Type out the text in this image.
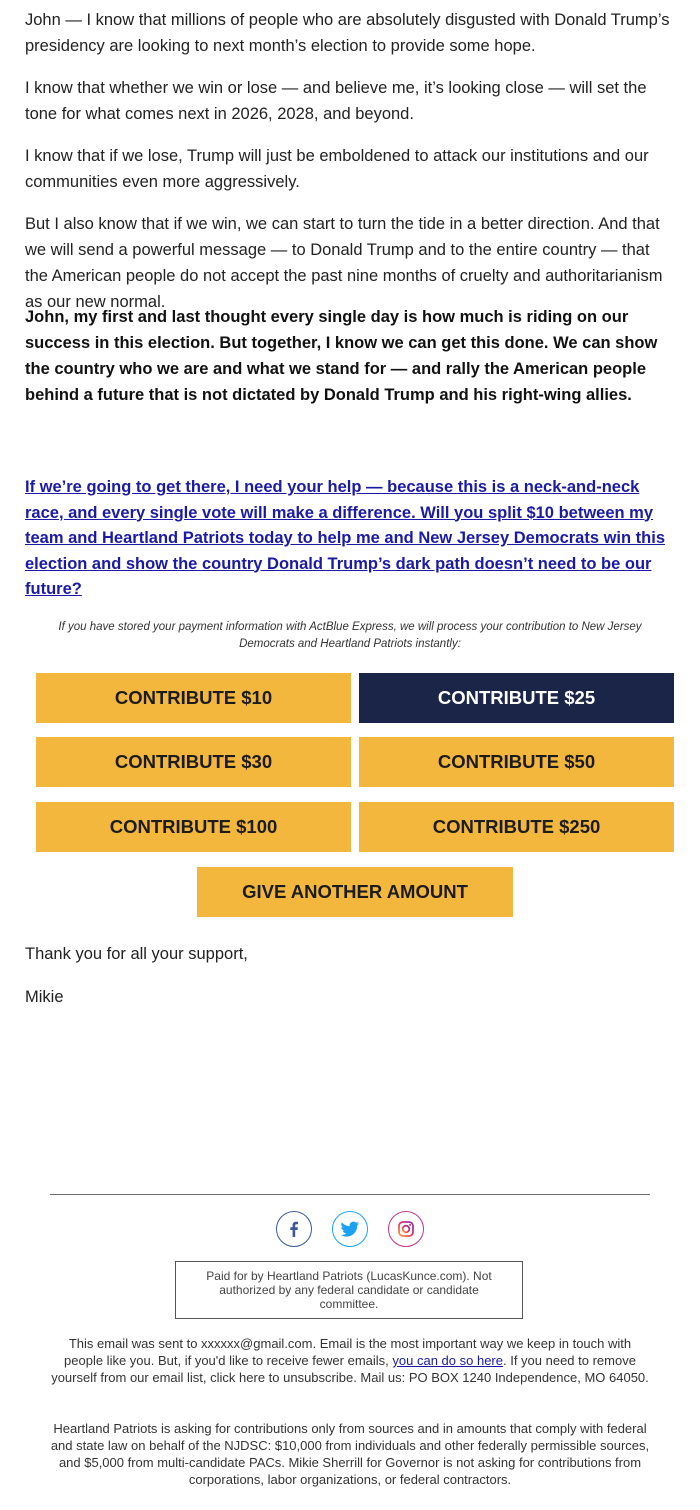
John — I know that millions of people who are absolutely disgusted with Donald Trump’s presidency are looking to next month’s election to provide some hope.

I know that whether we win or lose — and believe me, it’s looking close — will set the tone for what comes next in 2026, 2028, and beyond.

I know that if we lose, Trump will just be emboldened to attack our institutions and our communities even more aggressively.

But I also know that if we win, we can start to turn the tide in a better direction. And that we will send a powerful message — to Donald Trump and to the entire country — that the American people do not accept the past nine months of cruelty and authoritarianism as our new normal.

John, my first and last thought every single day is how much is riding on our success in this election. But together, I know we can get this done. We can show the country who we are and what we stand for — and rally the American people behind a future that is not dictated by Donald Trump and his right-wing allies.

If we’re going to get there, I need your help — because this is a neck-and-neck race, and every single vote will make a difference. Will you split $10 between my team and Heartland Patriots today to help me and New Jersey Democrats win this election and show the country Donald Trump’s dark path doesn’t need to be our future?
If you have stored your payment information with ActBlue Express, we will process your contribution to New Jersey Democrats and Heartland Patriots instantly:
CONTRIBUTE $10	CONTRIBUTE $25
CONTRIBUTE $30	CONTRIBUTE $50
CONTRIBUTE $100	CONTRIBUTE $250
GIVE ANOTHER AMOUNT
Thank you for all your support,
Mikie
Paid for by Heartland Patriots (LucasKunce.com). Not authorized by any federal candidate or candidate committee.
This email was sent to xxxxxx@gmail.com. Email is the most important way we keep in touch with people like you. But, if you'd like to receive fewer emails, you can do so here. If you need to remove yourself from our email list, click here to unsubscribe. Mail us: PO BOX 1240 Independence, MO 64050.
Heartland Patriots is asking for contributions only from sources and in amounts that comply with federal and state law on behalf of the NJDSC: $10,000 from individuals and other federally permissible sources, and $5,000 from multi-candidate PACs. Mikie Sherrill for Governor is not asking for contributions from corporations, labor organizations, or federal contractors.
